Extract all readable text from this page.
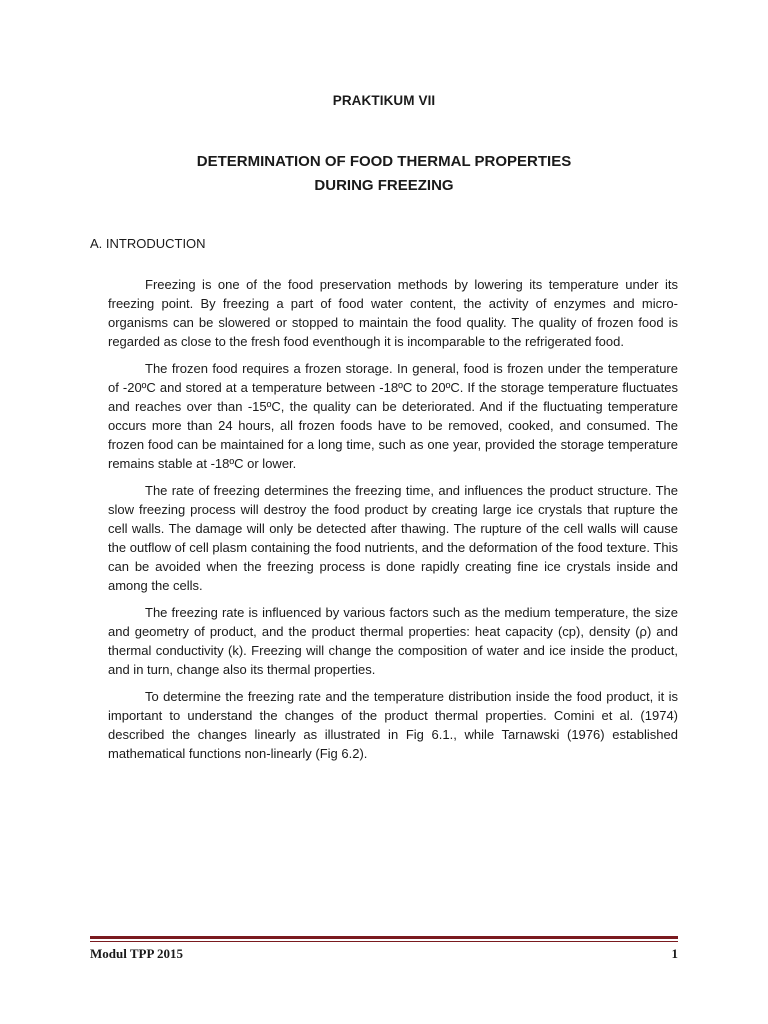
PRAKTIKUM VII
DETERMINATION OF FOOD THERMAL PROPERTIES
DURING FREEZING
A. INTRODUCTION

Freezing is one of the food preservation methods by lowering its temperature under its freezing point. By freezing a part of food water content, the activity of enzymes and micro-organisms can be slowered or stopped to maintain the food quality. The quality of frozen food is regarded as close to the fresh food eventhough it is incomparable to the refrigerated food.

The frozen food requires a frozen storage. In general, food is frozen under the temperature of -20ºC and stored at a temperature between -18ºC to 20ºC. If the storage temperature fluctuates and reaches over than -15ºC, the quality can be deteriorated. And if the fluctuating temperature occurs more than 24 hours, all frozen foods have to be removed, cooked, and consumed. The frozen food can be maintained for a long time, such as one year, provided the storage temperature remains stable at -18ºC or lower.

The rate of freezing determines the freezing time, and influences the product structure. The slow freezing process will destroy the food product by creating large ice crystals that rupture the cell walls. The damage will only be detected after thawing. The rupture of the cell walls will cause the outflow of cell plasm containing the food nutrients, and the deformation of the food texture. This can be avoided when the freezing process is done rapidly creating fine ice crystals inside and among the cells.

The freezing rate is influenced by various factors such as the medium temperature, the size and geometry of product, and the product thermal properties: heat capacity (cp), density (ρ) and thermal conductivity (k). Freezing will change the composition of water and ice inside the product, and in turn, change also its thermal properties.

To determine the freezing rate and the temperature distribution inside the food product, it is important to understand the changes of the product thermal properties. Comini et al. (1974) described the changes linearly as illustrated in Fig 6.1., while Tarnawski (1976) established mathematical functions non-linearly (Fig 6.2).

Modul TPP 2015	1
